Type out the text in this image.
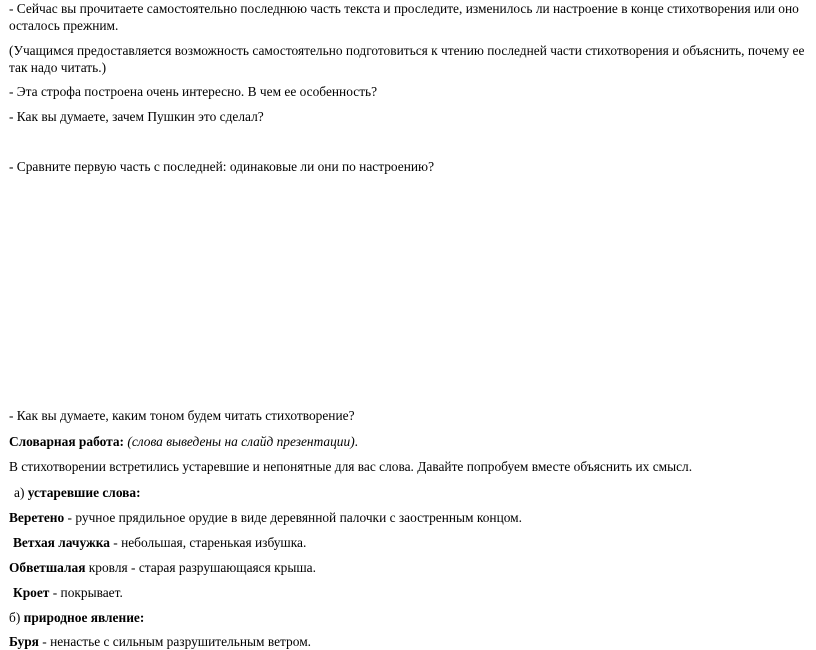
- Сейчас вы прочитаете самостоятельно последнюю часть текста и проследите, изменилось ли настроение в конце стихотворения или оно
осталось прежним.
(Учащимся предоставляется возможность самостоятельно подготовиться к чтению последней части стихотворения и объяснить, почему ее
так надо читать.)
- Эта строфа построена очень интересно. В чем ее особенность?
- Как вы думаете, зачем Пушкин это сделал?
- Сравните первую часть с последней: одинаковые ли они по настроению?
- Как вы думаете, каким тоном будем читать стихотворение?
Словарная работа: (слова выведены на слайд презентации).
В стихотворении встретились устаревшие и непонятные для вас слова. Давайте попробуем вместе объяснить их смысл.
а) устаревшие слова:
Веретено - ручное прядильное орудие в виде деревянной палочки с заостренным концом.
Ветхая лачужка - небольшая, старенькая избушка.
Обветшалая кровля - старая разрушающаяся крыша.
Кроет - покрывает.
б) природное явление:
Буря - ненастье с сильным разрушительным ветром.
